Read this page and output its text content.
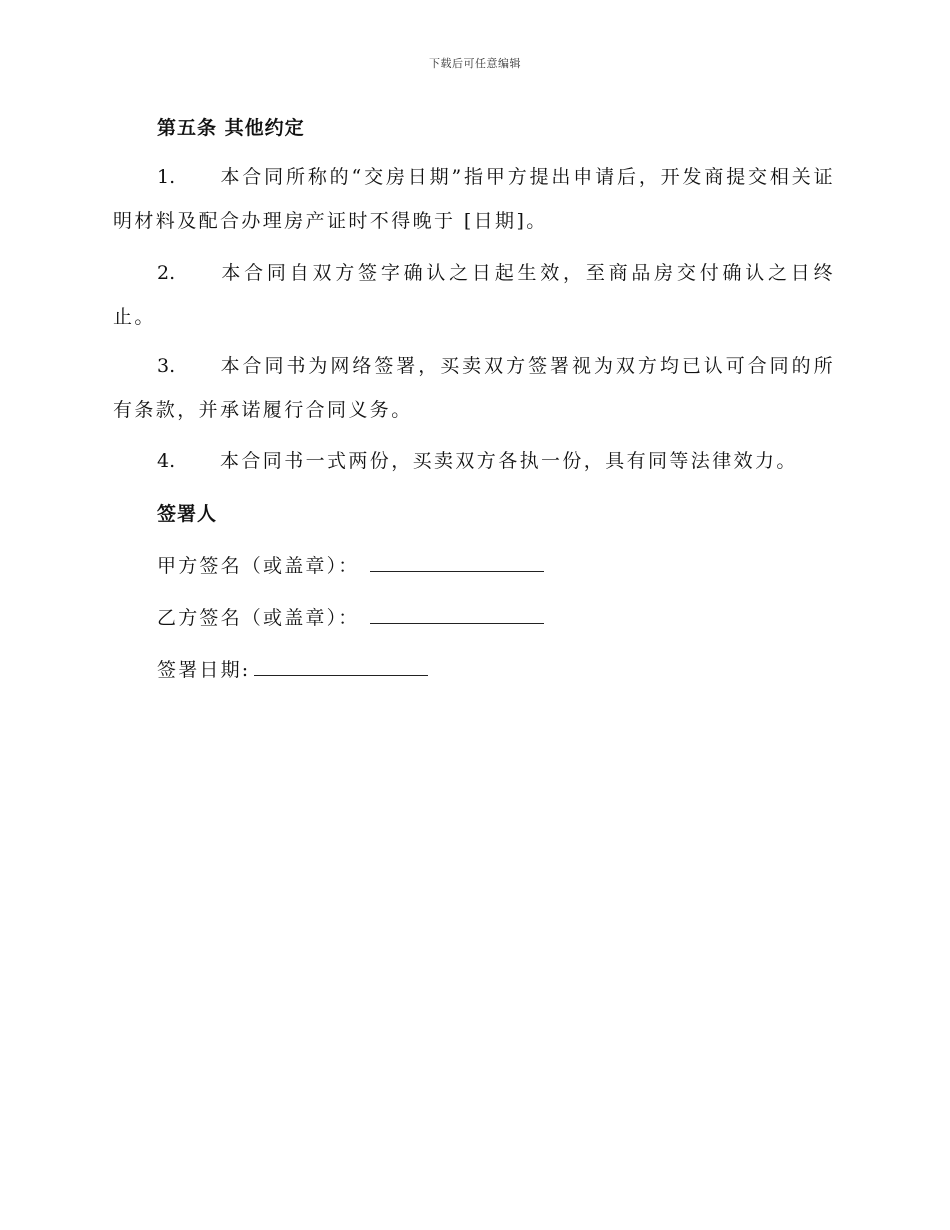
下载后可任意编辑
第五条 其他约定
1. 本合同所称的“交房日期”指甲方提出申请后，开发商提交相关证明材料及配合办理房产证时不得晚于 [日期]。
2. 本合同自双方签字确认之日起生效，至商品房交付确认之日终止。
3. 本合同书为网络签署，买卖双方签署视为双方均已认可合同的所有条款，并承诺履行合同义务。
4. 本合同书一式两份，买卖双方各执一份，具有同等法律效力。
签署人
甲方签名（或盖章）：
乙方签名（或盖章）：
签署日期:
